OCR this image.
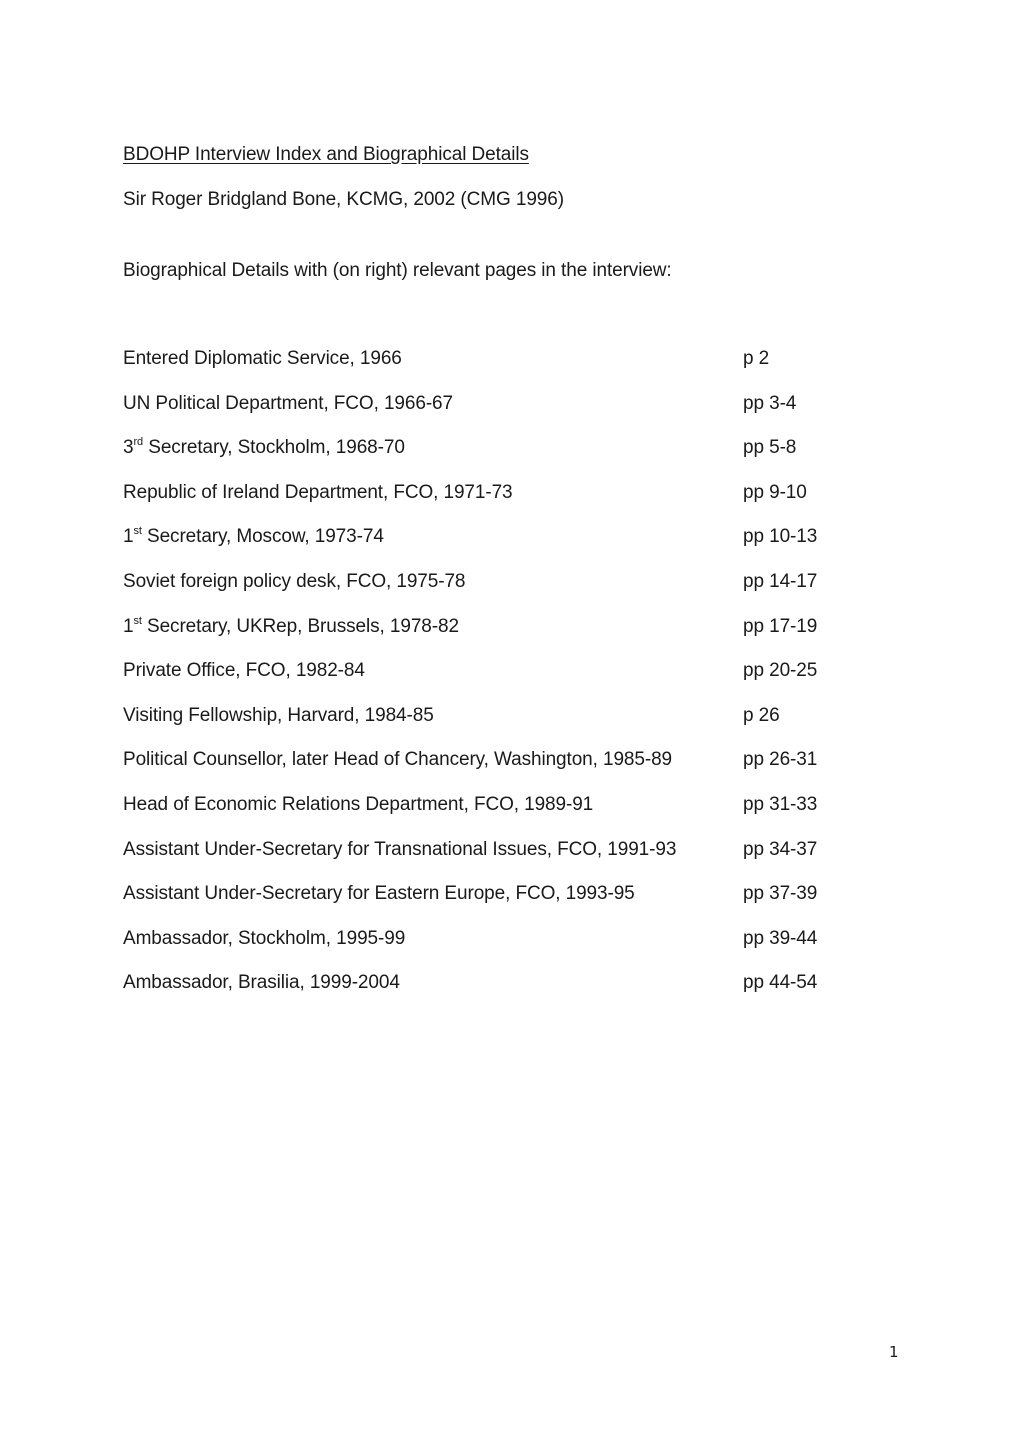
BDOHP Interview Index and Biographical Details
Sir Roger Bridgland Bone, KCMG, 2002 (CMG 1996)
Biographical Details with (on right) relevant pages in the interview:
Entered Diplomatic Service, 1966	p 2
UN Political Department, FCO, 1966-67	pp 3-4
3rd Secretary, Stockholm, 1968-70	pp 5-8
Republic of Ireland Department, FCO, 1971-73	pp 9-10
1st Secretary, Moscow, 1973-74	pp 10-13
Soviet foreign policy desk, FCO, 1975-78	pp 14-17
1st Secretary, UKRep, Brussels, 1978-82	pp 17-19
Private Office, FCO, 1982-84	pp 20-25
Visiting Fellowship, Harvard, 1984-85	p 26
Political Counsellor, later Head of Chancery, Washington, 1985-89	pp 26-31
Head of Economic Relations Department, FCO, 1989-91	pp 31-33
Assistant Under-Secretary for Transnational Issues, FCO, 1991-93	pp 34-37
Assistant Under-Secretary for Eastern Europe, FCO, 1993-95	pp 37-39
Ambassador, Stockholm, 1995-99	pp 39-44
Ambassador, Brasilia, 1999-2004	pp 44-54
1
